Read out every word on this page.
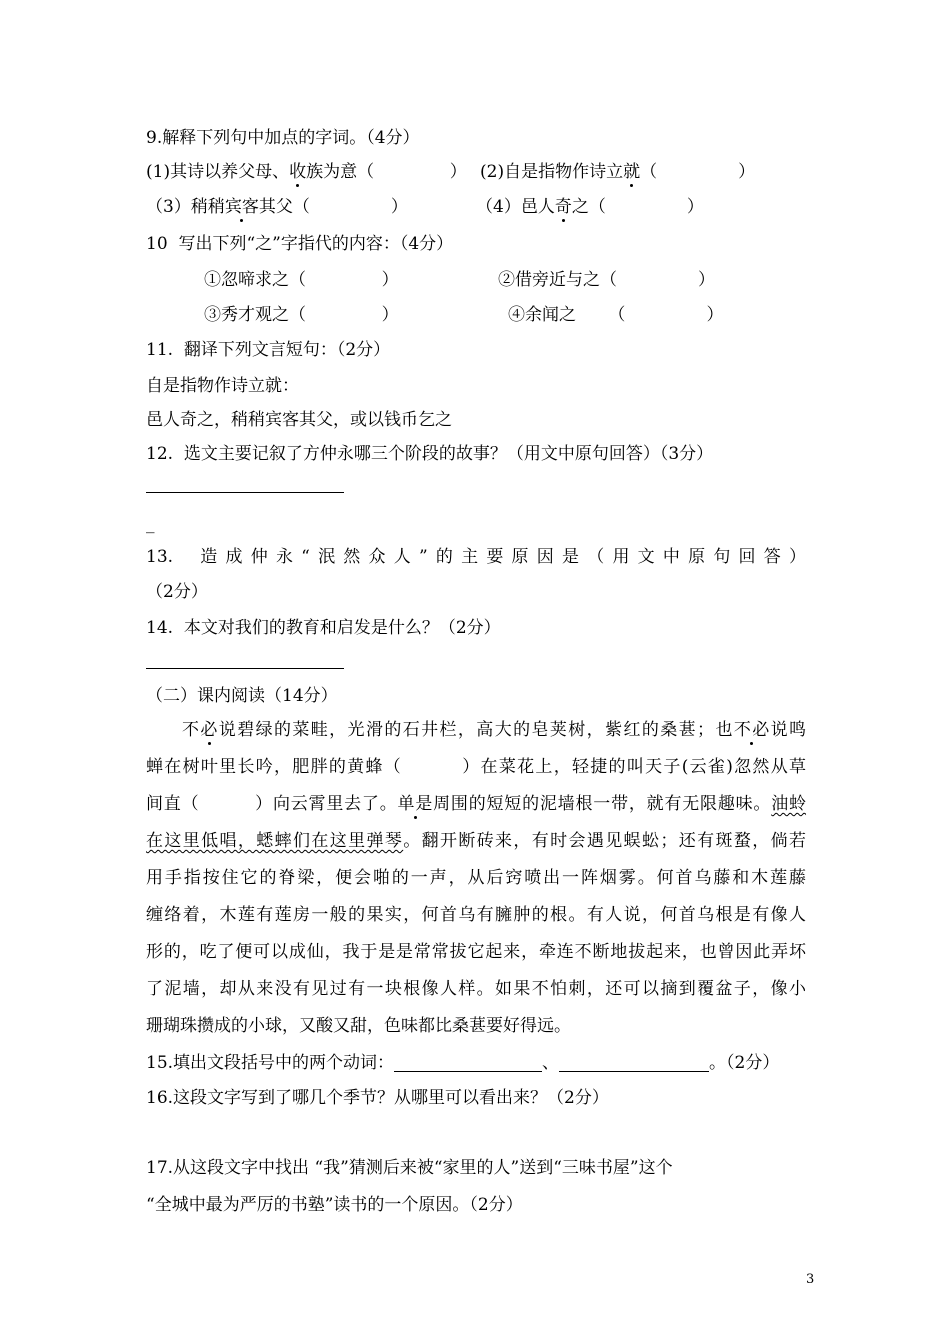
9.解释下列句中加点的字词。（4分）
(1)其诗以养父母、收族为意（              ） (2)自是指物作诗立就（               ）
（3）稍稍宾客其父（               ）	（4）邑人奇之（               ）
10  写出下列“之”字指代的内容：（4分）
①忽啼求之（              ）	②借旁近与之（               ）
③秀才观之（              ）	④余闻之      （               ）
11.  翻译下列文言短句：（2分）
自是指物作诗立就：
邑人奇之，稍稍宾客其父，或以钱币乞之
12.  选文主要记叙了方仲永哪三个阶段的故事？（用文中原句回答）（3分）
_
13.  造成仲永“泯然众人”的主要原因是（用文中原句回答）
（2分）
14.  本文对我们的教育和启发是什么？（2分）
（二）课内阅读（14分）
不必说碧绿的菜畦，光滑的石井栏，高大的皂荚树，紫红的桑葚；也不必说鸣
蝉在树叶里长吟，肥胖的黄蜂（         ）在菜花上，轻捷的叫天子(云雀)忽然从草
间直（         ）向云霄里去了。单是周围的短短的泥墙根一带，就有无限趣味。油蛉
在这里低唱，蟋蟀们在这里弹琴。翻开断砖来，有时会遇见蜈蚣；还有斑蝥，倘若
用手指按住它的脊梁，便会啪的一声，从后窍喷出一阵烟雾。何首乌藤和木莲藤
缠络着，木莲有莲房一般的果实，何首乌有臃肿的根。有人说，何首乌根是有像人
形的，吃了便可以成仙，我于是是常常拔它起来，牵连不断地拔起来，也曾因此弄坏
了泥墙，却从来没有见过有一块根像人样。如果不怕刺，还可以摘到覆盆子，像小
珊瑚珠攒成的小球，又酸又甜，色味都比桑葚要好得远。
15.填出文段括号中的两个动词：	、	。（2分）
16.这段文字写到了哪几个季节？从哪里可以看出来？（2分）
17.从这段文字中找出 “我”猜测后来被“家里的人”送到“三味书屋”这个
“全城中最为严厉的书塾”读书的一个原因。（2分）
3
